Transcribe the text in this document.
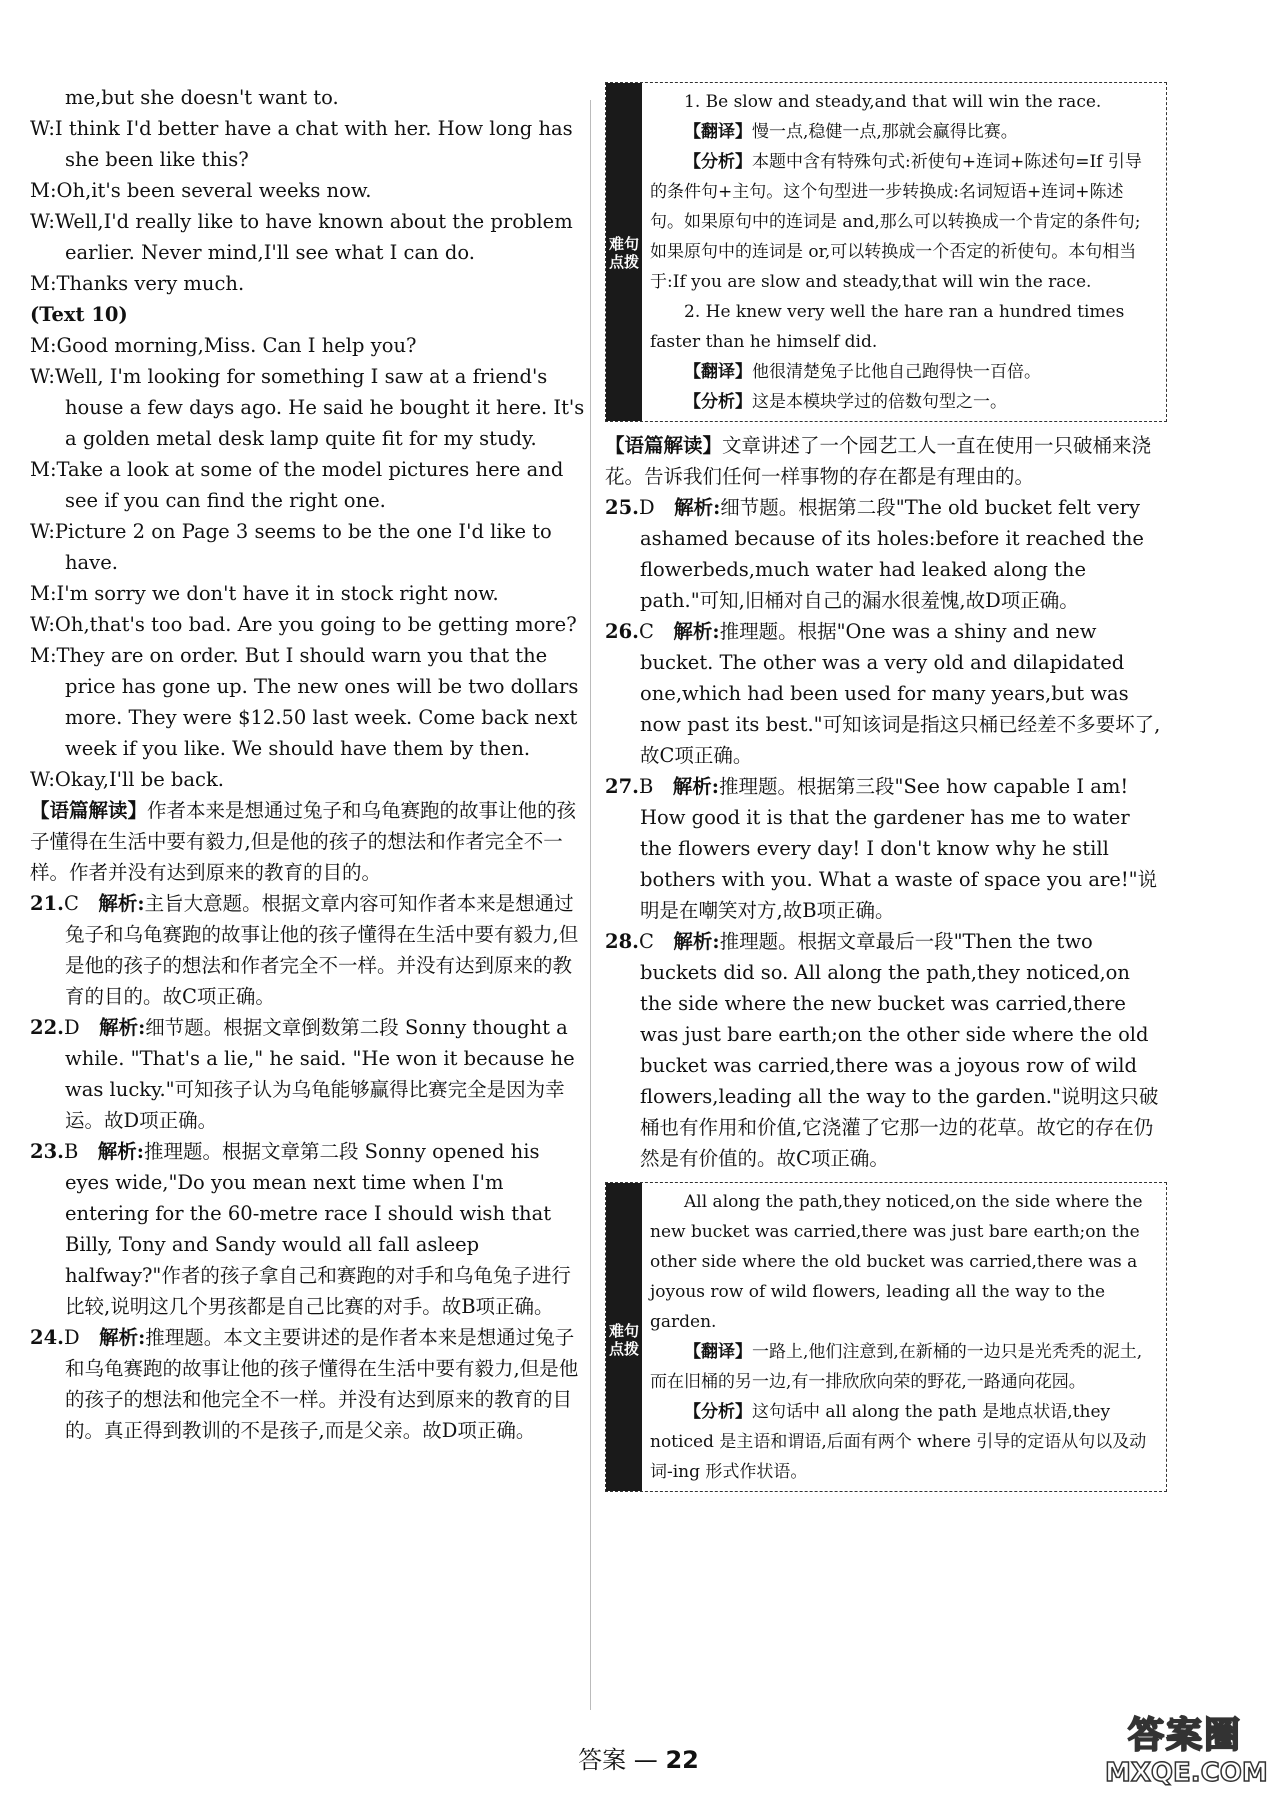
me,but she doesn't want to.
W:I think I'd better have a chat with her. How long has she been like this?
M:Oh,it's been several weeks now.
W:Well,I'd really like to have known about the problem earlier. Never mind,I'll see what I can do.
M:Thanks very much.
(Text 10)
M:Good morning,Miss. Can I help you?
W:Well, I'm looking for something I saw at a friend's house a few days ago. He said he bought it here. It's a golden metal desk lamp quite fit for my study.
M:Take a look at some of the model pictures here and see if you can find the right one.
W:Picture 2 on Page 3 seems to be the one I'd like to have.
M:I'm sorry we don't have it in stock right now.
W:Oh,that's too bad. Are you going to be getting more?
M:They are on order. But I should warn you that the price has gone up. The new ones will be two dollars more. They were $12.50 last week. Come back next week if you like. We should have them by then.
W:Okay,I'll be back.
【语篇解读】作者本来是想通过兔子和乌龟赛跑的故事让他的孩子懂得在生活中要有毅力,但是他的孩子的想法和作者完全不一样。作者并没有达到原来的教育的目的。
21.C  解析:主旨大意题。根据文章内容可知作者本来是想通过兔子和乌龟赛跑的故事让他的孩子懂得在生活中要有毅力,但是他的孩子的想法和作者完全不一样。并没有达到原来的教育的目的。故C项正确。
22.D  解析:细节题。根据文章倒数第二段 Sonny thought a while. "That's a lie," he said. "He won it because he was lucky."可知孩子认为乌龟能够赢得比赛完全是因为幸运。故D项正确。
23.B  解析:推理题。根据文章第二段 Sonny opened his eyes wide,"Do you mean next time when I'm entering for the 60-metre race I should wish that Billy, Tony and Sandy would all fall asleep halfway?"作者的孩子拿自己和赛跑的对手和乌龟兔子进行比较,说明这几个男孩都是自己比赛的对手。故B项正确。
24.D  解析:推理题。本文主要讲述的是作者本来是想通过兔子和乌龟赛跑的故事让他的孩子懂得在生活中要有毅力,但是他的孩子的想法和他完全不一样。并没有达到原来的教育的目的。真正得到教训的不是孩子,而是父亲。故D项正确。
难句点拨

1. Be slow and steady,and that will win the race.

【翻译】慢一点,稳健一点,那就会赢得比赛。

【分析】本题中含有特殊句式:祈使句+连词+陈述句=If 引导的条件句+主句。这个句型进一步转换成:名词短语+连词+陈述句。如果原句中的连词是 and,那么可以转换成一个肯定的条件句;如果原句中的连词是 or,可以转换成一个否定的祈使句。本句相当于:If you are slow and steady,that will win the race.

2. He knew very well the hare ran a hundred times faster than he himself did.

【翻译】他很清楚兔子比他自己跑得快一百倍。

【分析】这是本模块学过的倍数句型之一。

【语篇解读】文章讲述了一个园艺工人一直在使用一只破桶来浇花。告诉我们任何一样事物的存在都是有理由的。
25.D  解析:细节题。根据第二段"The old bucket felt very ashamed because of its holes:before it reached the flowerbeds,much water had leaked along the path."可知,旧桶对自己的漏水很羞愧,故D项正确。
26.C  解析:推理题。根据"One was a shiny and new bucket. The other was a very old and dilapidated one,which had been used for many years,but was now past its best."可知该词是指这只桶已经差不多要坏了,故C项正确。
27.B  解析:推理题。根据第三段"See how capable I am! How good it is that the gardener has me to water the flowers every day! I don't know why he still bothers with you. What a waste of space you are!"说明是在嘲笑对方,故B项正确。
28.C  解析:推理题。根据文章最后一段"Then the two buckets did so. All along the path,they noticed,on the side where the new bucket was carried,there was just bare earth;on the other side where the old bucket was carried,there was a joyous row of wild flowers,leading all the way to the garden."说明这只破桶也有作用和价值,它浇灌了它那一边的花草。故它的存在仍然是有价值的。故C项正确。
难句点拨

All along the path,they noticed,on the side where the new bucket was carried,there was just bare earth;on the other side where the old bucket was carried,there was a joyous row of wild flowers, leading all the way to the garden.

【翻译】一路上,他们注意到,在新桶的一边只是光秃秃的泥土,而在旧桶的另一边,有一排欣欣向荣的野花,一路通向花园。

【分析】这句话中 all along the path 是地点状语,they noticed 是主语和谓语,后面有两个 where 引导的定语从句以及动词-ing 形式作状语。

答案 — 22
答案圈
MXQE.COM
